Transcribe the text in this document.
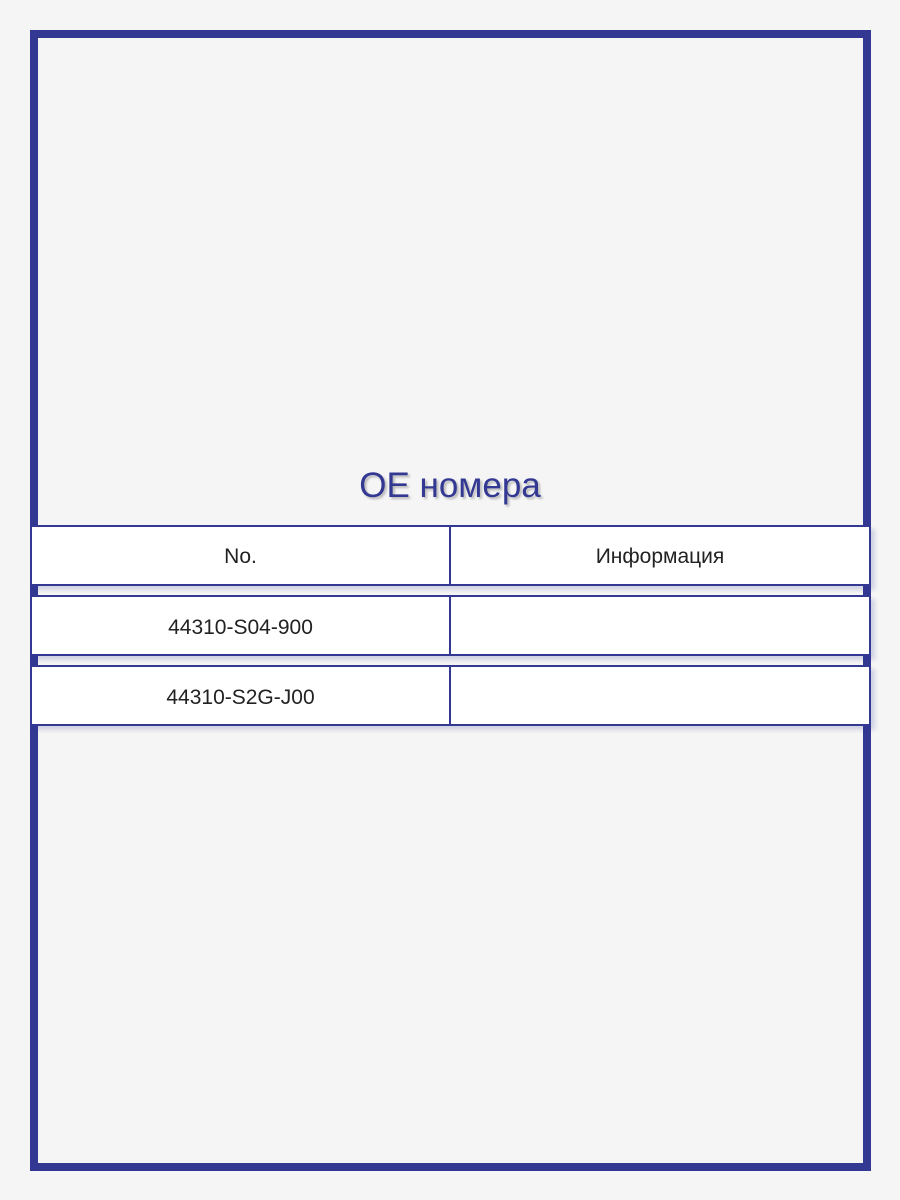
OE номера
No.	Информация
44310-S04-900
44310-S2G-J00
